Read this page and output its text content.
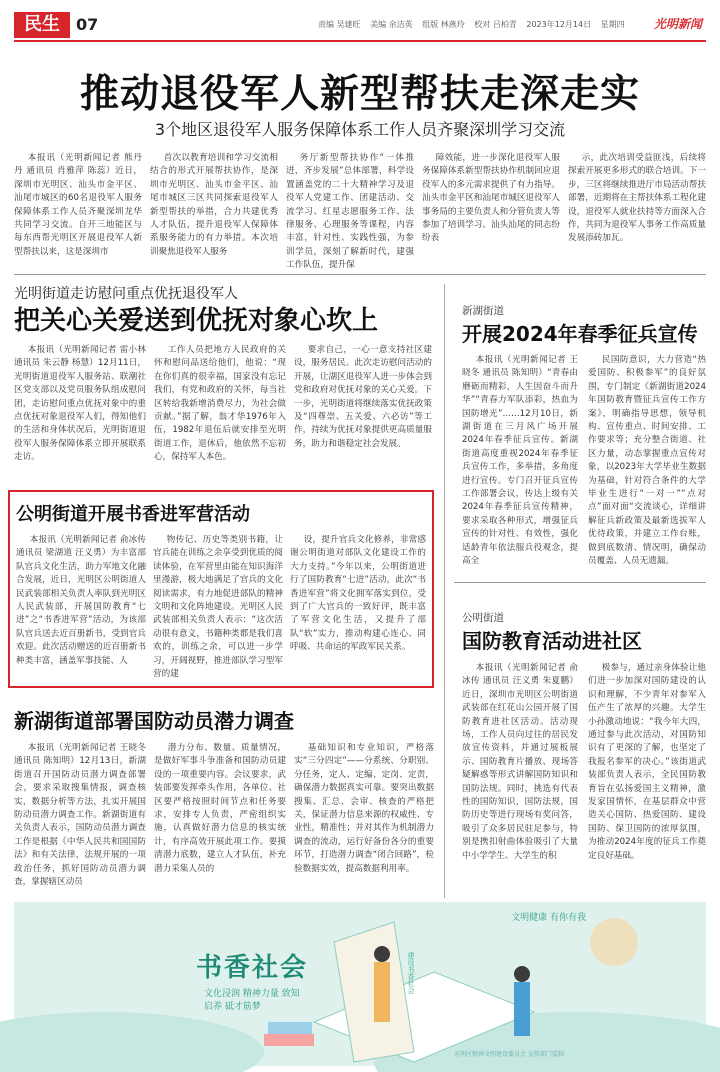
民生	07	责编 吴建旺 美编 余洁英 组版 林燕玲 校对 吕柏青 2023年12月14日 星期四	光明新闻
推动退役军人新型帮扶走深走实
3个地区退役军人服务保障体系工作人员齐聚深圳学习交流

本报讯（光明新闻记者 熊丹丹 通讯员 肖雅萍 陈蕊）近日，深圳市光明区、汕头市金平区、汕尾市城区的60名退役军人服务保障体系工作人员齐聚深圳龙华共同学习交流。自开三地能区与每东西帮光明区开展退役军人新型帮扶以来，这是深圳市

首次以教育培训和学习交流相结合的形式开展帮扶协作，是深圳市光明区、汕头市金平区、汕尾市城区三区共同探索退役军人新型帮扶的举措，合力共建优秀人才队伍，提升退役军人保障体系服务能力的有力举措。本次培训聚焦退役军人服务

务厅新型帮扶协作“一体推进，齐步发展”总体部署，科学设置涵盖党的二十大精神学习及退役军人党建工作、团建活动、交流学习、红星志愿服务工作、法律服务、心理服务等课程，内容丰富，针对性、实践性强，为参训学员，深刻了解新时代，建强工作队伍，提升保

障效能，进一步深化退役军人服务保障体系新型帮扶协作机制回应退役军人的多元需求提供了有力指导。汕头市金平区和汕尾市城区退役军人事务局的主要负责人和分管负责人等参加了培训学习。汕头汕尾的同志纷纷表

示，此次培训受益匪浅，后续将探索开展更多形式的联合培训。下一步，三区将继续推进厅市局活动帮扶部署，近期将在主帮扶体系工程化建设，退役军人就业扶持等方面深入合作，共同为退役军人事务工作高质量发展添砖加瓦。

光明街道走访慰问重点优抚退役军人
把关心关爱送到优抚对象心坎上

本报讯（光明新闻记者 雷小林 通讯员 朱云静 杨慧）12月11日，光明街道退役军人服务站、联潮社区党支部以及党员服务队组成慰问团，走访慰问重点优抚对象中的重点优抚对象退役军人们，得知他们的生活和身体状况后，光明街道退役军人服务保障体系立即开展联系走访。

工作人员把地方人民政府的关怀和慰问品送给他们，他说：“现在你们真的很幸福，国家没有忘记我们，有党和政府的关怀，每当社区转给我新增消费尽力，为社会做贡献。”据了解，翁才华1976年入伍，1982年退伍后就安排至光明街道工作，退休后，他依然不忘初心，保持军人本色。

要求自己，一心一意支持社区建设，服务居民。此次走访慰问活动的开展，让湖区退役军人进一步体会到党和政府对优抚对象的关心关爱。下一步，光明街道将继续落实优抚政策及“四尊崇、五关爱、六必访”等工作，持续为优抚对象提供更高质量服务，助力和谐稳定社会发展。

公明街道开展书香进军营活动

本报讯（光明新闻记者 俞冰传 通讯员 梁湖道 汪义勇）为丰富部队官兵文化生活，助力军地文化融合发展，近日，光明区公明街道人民武装部相关负责人率队到光明区人民武装部，开展国防教育“七进”之“书香进军营”活动，为该部队官兵送去近百册新书，受到官兵欢迎。此次活动赠送的近百册新书种类丰富，涵盖军事技能、人

物传记、历史等类别书籍，让官兵能在训练之余享受到优质的阅读体验，在军营里由能在知识海洋里漫游，极大地满足了官兵的文化阅读需求，有力地促进部队的精神文明和文化阵地建设。光明区人民武装部相关负责人表示：“这次活动很有意义，书籍种类都是我们喜欢的，训练之余，可以进一步学习，开阔视野，推进部队学习型军营的建

设，提升官兵文化修养，非常感谢公明街道对部队文化建设工作的大力支持。”今年以来，公明街道进行了国防教育“七进”活动，此次“书香进军营”将文化拥军落实到位，受到了广大官兵的一致好评，既丰富了军营文化生活，又提升了部队“软”实力，推动构建心连心、同呼吸、共命运的军政军民关系。

新湖街道部署国防动员潜力调查

本报讯（光明新闻记者 王晓冬 通讯员 陈知明）12月13日，新湖街道召开国防动员潜力调查部署会，要求采取搜集情报，调查核实，数据分析等方法，扎实开展国防动员潜力调查工作。新湖街道有关负责人表示，国防动员潜力调查工作是根据《中华人民共和国国防法》和有关法律，法规开展的一项政治任务，抓好国防动员潜力调查，掌握辖区动员

潜力分布、数量、质量情况，是做好军事斗争准备和国防动员建设的一项重要内容。会议要求，武装部要发挥牵头作用，各单位、社区要严格按照时间节点和任务要求，安排专人负责，严密组织实施，认真做好潜力信息的核实统计，有序高效开展此项工作。要摸清潜力底数，建立人才队伍，补充潜力采集人员的

基础知识和专业知识，严格落实“三分四定”——分系统、分职别、分任务，定人、定编、定岗、定责，确保潜力数据真实可靠。要突出数据搜集、汇总、会审、核查的严格把关，保证潜力信息来源的权威性、专业性，精准性；并对其作为机制潜力调查的流动，运行好备份各分的重要环节，打造潜力调查“闭合回路”，检验数据实效，提高数据利用率。

新湖街道
开展2024年春季征兵宣传

本报讯（光明新闻记者 王晓冬 通讯员 陈知明）“青春由磨砺而精彩，人生因奋斗而升华”“青春力军队添彩，热血为国防增光”……12月10日，新湖街道在三月风广场开展2024年春季征兵宣传。新湖街道高度重视2024年春季征兵宣传工作，多举措，多角度进行宣传。专门召开征兵宣传工作部署会议，传达上级有关2024年春季征兵宣传精神，要求采取各种形式，增强征兵宣传的针对性、有效性，强化适龄青年依法服兵役观念，提高全

民国防意识，大力营造“热爱国防、积极参军”的良好氛围，专门制定《新湖街道2024年国防教育暨征兵宣传工作方案》，明确指导思想，领导机构、宣传重点、时间安排、工作要求等；充分整合街道、社区力量，动态掌握重点宣传对象，以2023年大学毕业生数据为基础，针对符合条件的大学毕业生进行“一对一”“点对点”面对面“交流谈心，详细讲解征兵新政策及最新选拔军人优待政策，并建立工作台账，做到底数清、情况明，确保动员覆盖、人员无遗漏。

公明街道
国防教育活动进社区

本报讯（光明新闻记者 俞冰传 通讯员 汪义勇 朱夏鹏）近日，深圳市光明区公明街道武装部在红花山公园开展了国防教育进社区活动。活动现场，工作人员向过往的居民发放宣传资料，并通过展板展示、国防教育片播放、现场答疑解惑等形式讲解国防知识和国防法规。同时，挑选有代表性的国防知识，国防法规，国防历史等进行现场有奖问答，吸引了众多居民驻足参与，特别是携扣射曲体验吸引了大量中小学学生、大学生的积

极参与，通过亲身体验让他们进一步加深对国防建设的认识和理解，不少青年对参军入伍产生了浓厚的兴趣。大学生小孙激动地说：“我今年大四，通过参与此次活动，对国防知识有了更深的了解，也坚定了我报名参军的决心。”该街道武装部负责人表示，全民国防教育旨在弘扬爱国主义精神，激发家国情怀，在基层群众中营造关心国防、热爱国防、建设国防、保卫国防的浓厚氛围，为推动2024年度的征兵工作奠定良好基础。

文明健康 有你有我
书香社会
文化浸润 精神力量 致知启养 砥才筋梦
建设书香社会
光明区精神文明建设委员会 宣传部门监制
